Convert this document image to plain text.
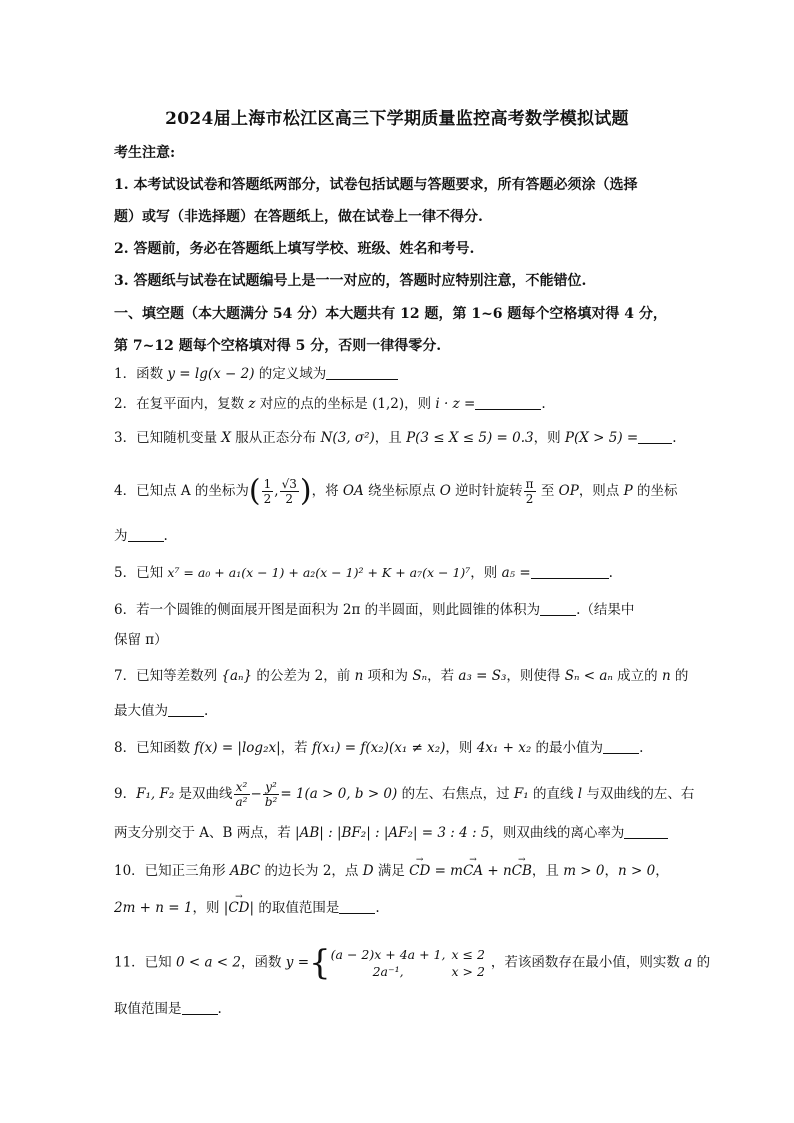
2024届上海市松江区高三下学期质量监控高考数学模拟试题
考生注意:
1. 本考试设试卷和答题纸两部分，试卷包括试题与答题要求，所有答题必须涂（选择
题）或写（非选择题）在答题纸上，做在试卷上一律不得分.
2. 答题前，务必在答题纸上填写学校、班级、姓名和考号.
3. 答题纸与试卷在试题编号上是一一对应的，答题时应特别注意，不能错位.
一、填空题（本大题满分 54 分）本大题共有 12 题，第 1~6 题每个空格填对得 4 分，
第 7~12 题每个空格填对得 5 分，否则一律得零分.
1．函数 y = lg(x − 2) 的定义域为
2．在复平面内，复数 z 对应的点的坐标是 (1,2)，则 i · z =	.
3．已知随机变量 X 服从正态分布 N(3, σ²)，且 P(3 ≤ X ≤ 5) = 0.3，则 P(X > 5) =	.
4．已知点 A 的坐标为( $\frac{1}{2}$ , $\frac{√3}{2}$ )，将 OA 绕坐标原点 O 逆时针旋转 $\frac{\pi}{2}$ 至 OP，则点 P 的坐标
为	.
5．已知 x⁷ = a₀ + a₁(x − 1) + a₂(x − 1)² + K + a₇(x − 1)⁷，则 a₅ =	.
6．若一个圆锥的侧面展开图是面积为 2π 的半圆面，则此圆锥的体积为	.（结果中
保留 π）
7．已知等差数列 {aₙ} 的公差为 2，前 n 项和为 Sₙ，若 a₃ = S₃，则使得 Sₙ < aₙ 成立的 n 的
最大值为	.
8．已知函数 f(x) = |log₂x|，若 f(x₁) = f(x₂)(x₁ ≠ x₂)，则 4x₁ + x₂ 的最小值为	.
9．F₁, F₂ 是双曲线 $\frac{\text{x²}}{\text{a²}} - \frac{\text{y²}}{\text{b²}} = 1(a > 0$, b > 0) 的左、右焦点，过 F₁ 的直线 l 与双曲线的左、右
两支分别交于 A、B 两点，若 |AB| : |BF₂| : |AF₂| = 3 : 4 : 5，则双曲线的离心率为
10．已知正三角形 ABC 的边长为 2，点 D 满足 → CD = m→ CA + n→ CB，且 m > 0，n > 0，
2m + n = 1，则 |→ CD| 的取值范围是	.
11．已知 0 < a < 2，函数 y ={ (a − 2)x + 4a + 1,	x ≤ 2
2a⁻¹,	x > 2
，若该函数存在最小值，则实数 a 的
取值范围是	.
